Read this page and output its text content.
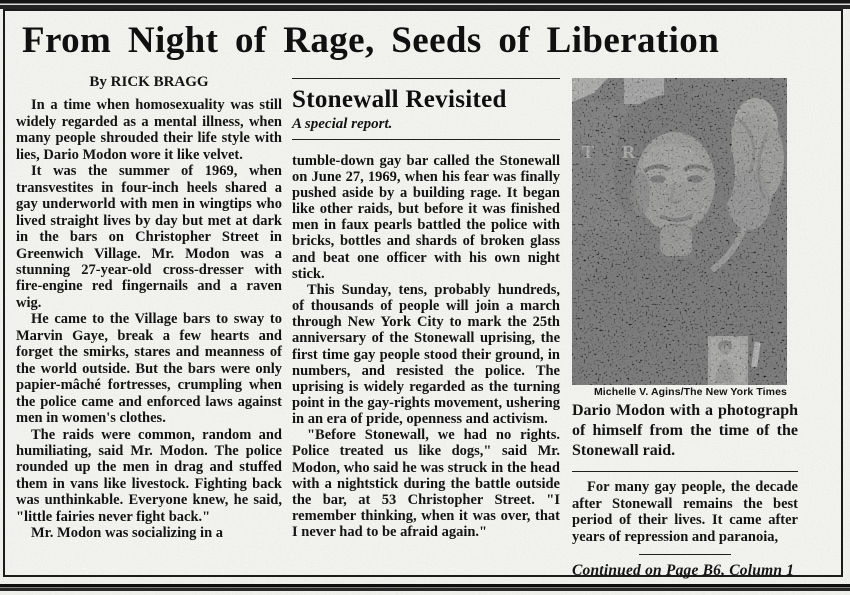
From Night of Rage, Seeds of Liberation
By RICK BRAGG

In a time when homosexuality was still widely regarded as a mental illness, when many people shrouded their life style with lies, Dario Modon wore it like velvet.

It was the summer of 1969, when transvestites in four-inch heels shared a gay underworld with men in wingtips who lived straight lives by day but met at dark in the bars on Christopher Street in Greenwich Village. Mr. Modon was a stunning 27-year-old cross-dresser with fire-engine red fingernails and a raven wig.

He came to the Village bars to sway to Marvin Gaye, break a few hearts and forget the smirks, stares and meanness of the world outside. But the bars were only papier-mâché fortresses, crumpling when the police came and enforced laws against men in women's clothes.

The raids were common, random and humiliating, said Mr. Modon. The police rounded up the men in drag and stuffed them in vans like livestock. Fighting back was unthinkable. Everyone knew, he said, "little fairies never fight back."

Mr. Modon was socializing in a

Stonewall Revisited
A special report.

tumble-down gay bar called the Stonewall on June 27, 1969, when his fear was finally pushed aside by a building rage. It began like other raids, but before it was finished men in faux pearls battled the police with bricks, bottles and shards of broken glass and beat one officer with his own night stick.

This Sunday, tens, probably hundreds, of thousands of people will join a march through New York City to mark the 25th anniversary of the Stonewall uprising, the first time gay people stood their ground, in numbers, and resisted the police. The uprising is widely regarded as the turning point in the gay-rights movement, ushering in an era of pride, openness and activism.

"Before Stonewall, we had no rights. Police treated us like dogs," said Mr. Modon, who said he was struck in the head with a nightstick during the battle outside the bar, at 53 Christopher Street. "I remember thinking, when it was over, that I never had to be afraid again."

Michelle V. Agins/The New York Times
Dario Modon with a photograph of himself from the time of the Stonewall raid.

For many gay people, the decade after Stonewall remains the best period of their lives. It came after years of repression and paranoia,

Continued on Page B6, Column 1
